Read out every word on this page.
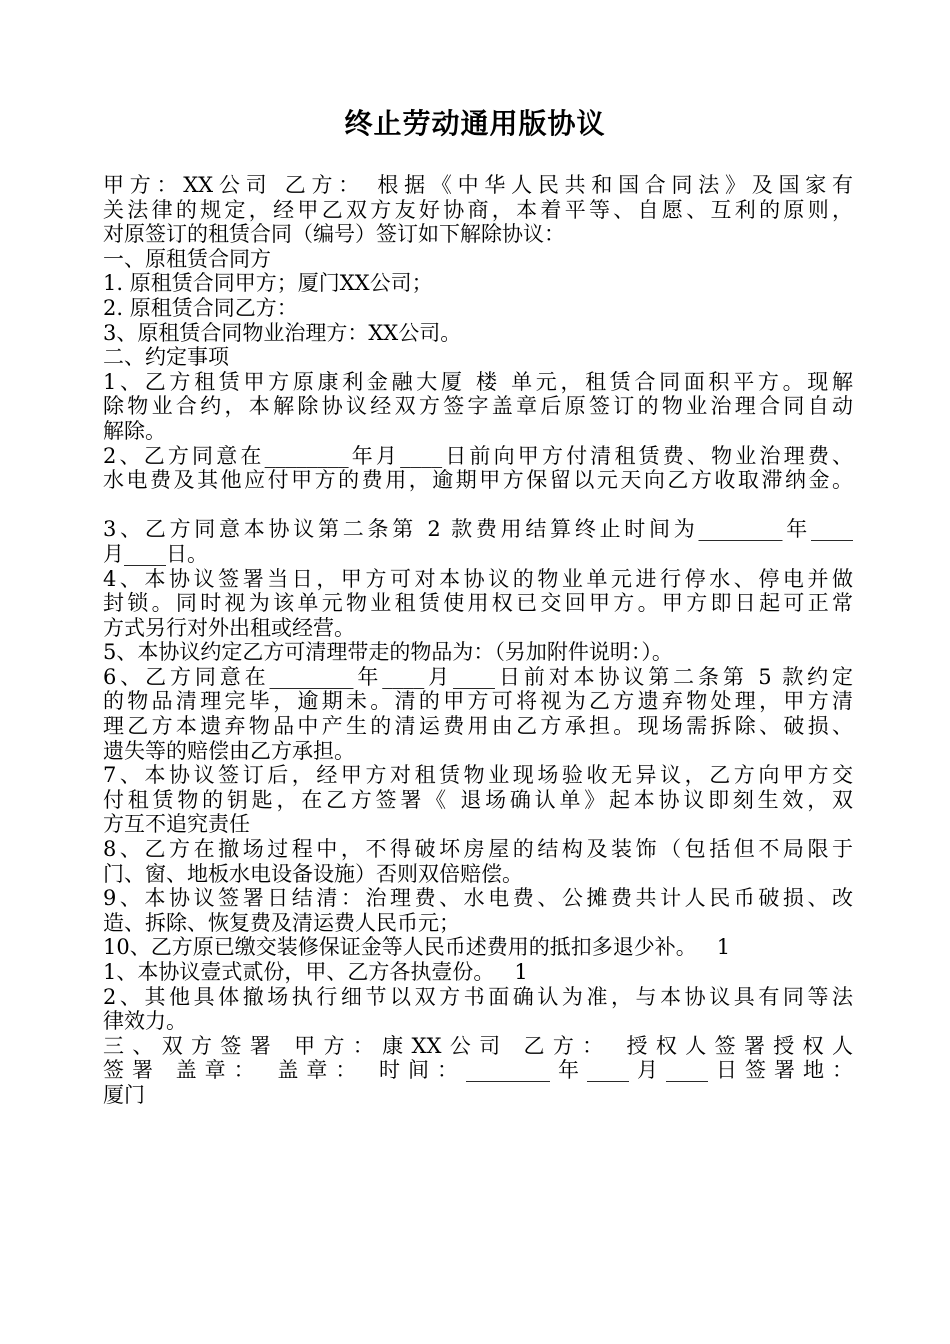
终止劳动通用版协议
甲方：XX公司 乙方： 根据《中华人民共和国合同法》及国家有
关法律的规定，经甲乙双方友好协商，本着平等、自愿、互利的原则，
对原签订的租赁合同（编号）签订如下解除协议：
一、原租赁合同方
1. 原租赁合同甲方；厦门XX公司；
2. 原租赁合同乙方：
3、原租赁合同物业治理方：XX公司。
二、约定事项
1、乙方租赁甲方原康利金融大厦 楼 单元，租赁合同面积平方。现解
除物业合约，本解除协议经双方签字盖章后原签订的物业治理合同自动
解除。
2、乙方同意在________年月____日前向甲方付清租赁费、物业治理费、
水电费及其他应付甲方的费用，逾期甲方保留以元天向乙方收取滞纳金。
3、乙方同意本协议第二条第 2 款费用结算终止时间为________年____
月____日。
4、本协议签署当日，甲方可对本协议的物业单元进行停水、停电并做
封锁。同时视为该单元物业租赁使用权已交回甲方。甲方即日起可正常
方式另行对外出租或经营。
5、本协议约定乙方可清理带走的物品为：（另加附件说明：）。
6、乙方同意在________年____月____日前对本协议第二条第 5 款约定
的物品清理完毕，逾期未。清的甲方可将视为乙方遗弃物处理，甲方清
理乙方本遗弃物品中产生的清运费用由乙方承担。现场需拆除、破损、
遗失等的赔偿由乙方承担。
7、本协议签订后，经甲方对租赁物业现场验收无异议，乙方向甲方交
付租赁物的钥匙，在乙方签署《 退场确认单》起本协议即刻生效，双
方互不追究责任
8、乙方在撤场过程中，不得破坏房屋的结构及装饰（包括但不局限于
门、窗、地板水电设备设施）否则双倍赔偿。
9、本协议签署日结清：治理费、水电费、公摊费共计人民币破损、改
造、拆除、恢复费及清运费人民币元；
10、乙方原已缴交装修保证金等人民币述费用的抵扣多退少补。   1
1、本协议壹式贰份，甲、乙方各执壹份。   1
2、其他具体撤场执行细节以双方书面确认为准，与本协议具有同等法
律效力。
三、双方签署 甲方：康XX公司 乙方： 授权人签署授权人
签署 盖章： 盖章： 时间：________年____月____日签署地：
厦门
